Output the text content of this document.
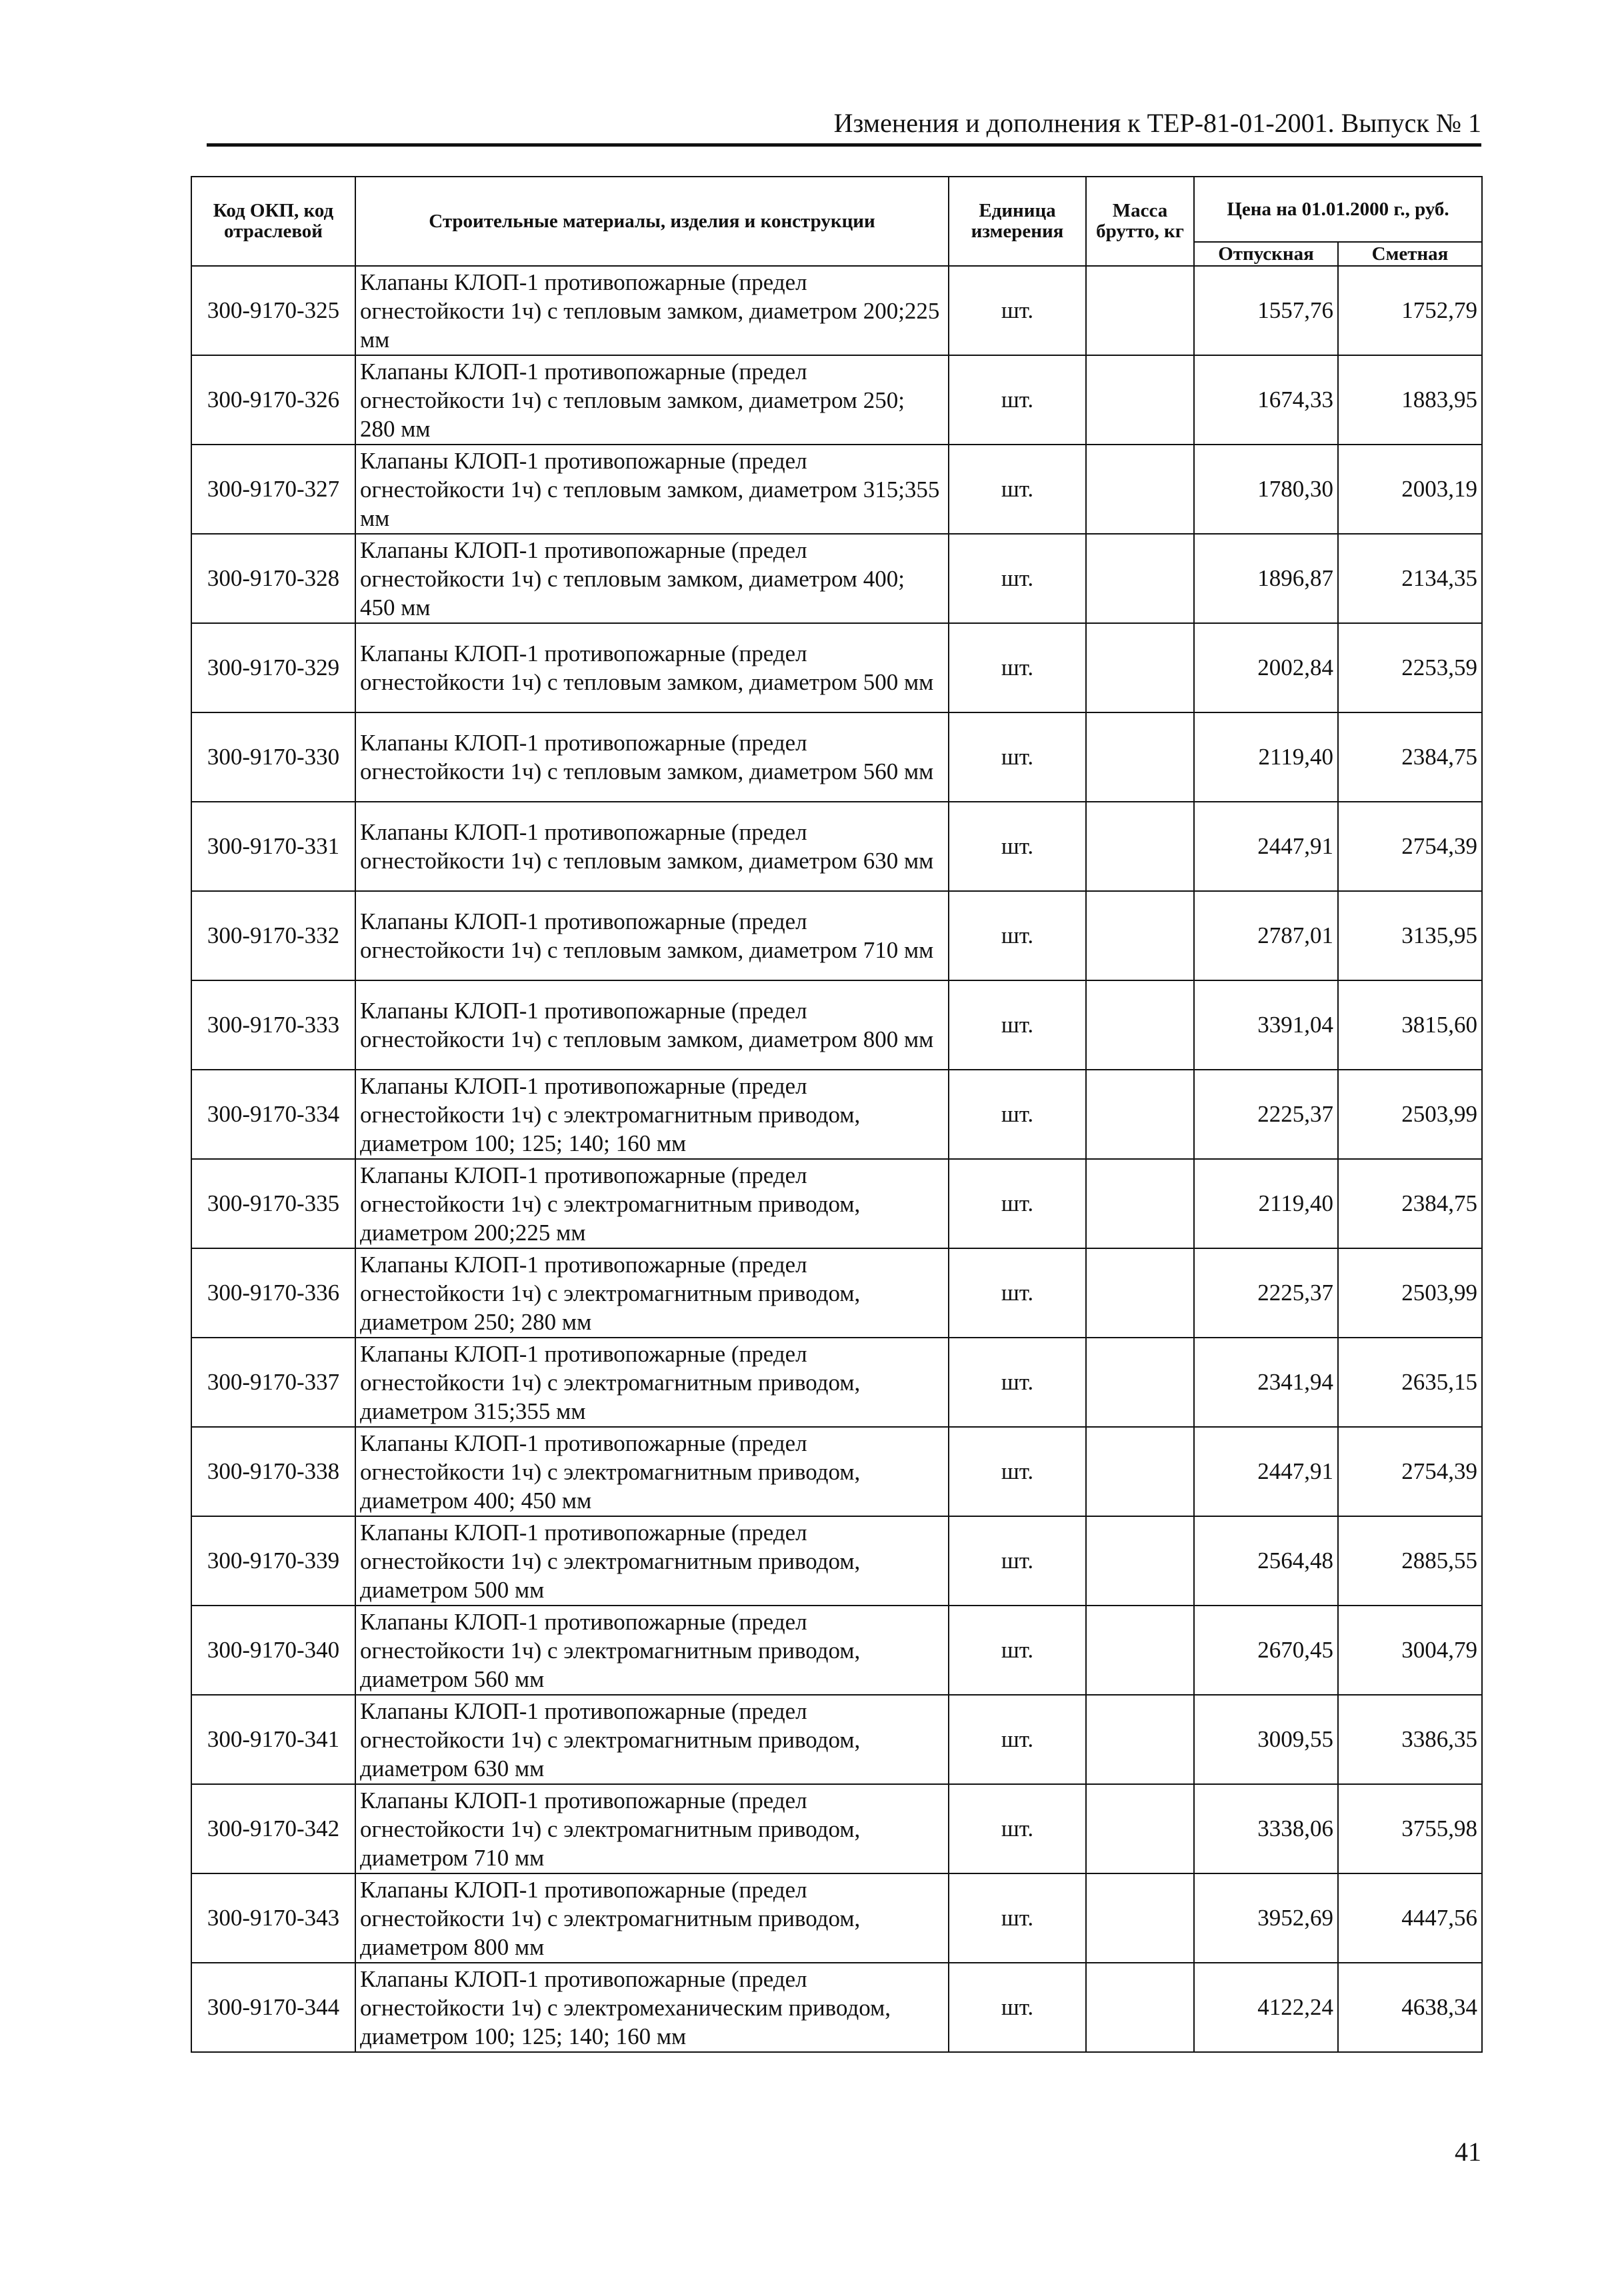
Изменения и дополнения к ТЕР-81-01-2001. Выпуск № 1
Код ОКП, код отраслевой	Строительные материалы, изделия и конструкции	Единица измерения	Масса брутто, кг	Цена на 01.01.2000 г., руб.	
				Отпускная	Сметная
300-9170-325	Клапаны КЛОП-1 противопожарные (предел огнестойкости 1ч) с тепловым замком, диаметром 200;225 мм	шт.		1557,76	1752,79
300-9170-326	Клапаны КЛОП-1 противопожарные (предел огнестойкости 1ч) с тепловым замком, диаметром 250; 280 мм	шт.		1674,33	1883,95
300-9170-327	Клапаны КЛОП-1 противопожарные (предел огнестойкости 1ч) с тепловым замком, диаметром 315;355 мм	шт.		1780,30	2003,19
300-9170-328	Клапаны КЛОП-1 противопожарные (предел огнестойкости 1ч) с тепловым замком, диаметром 400; 450 мм	шт.		1896,87	2134,35
300-9170-329	Клапаны КЛОП-1 противопожарные (предел огнестойкости 1ч) с тепловым замком, диаметром 500 мм	шт.		2002,84	2253,59
300-9170-330	Клапаны КЛОП-1 противопожарные (предел огнестойкости 1ч) с тепловым замком, диаметром 560 мм	шт.		2119,40	2384,75
300-9170-331	Клапаны КЛОП-1 противопожарные (предел огнестойкости 1ч) с тепловым замком, диаметром 630 мм	шт.		2447,91	2754,39
300-9170-332	Клапаны КЛОП-1 противопожарные (предел огнестойкости 1ч) с тепловым замком, диаметром 710 мм	шт.		2787,01	3135,95
300-9170-333	Клапаны КЛОП-1 противопожарные (предел огнестойкости 1ч) с тепловым замком, диаметром 800 мм	шт.		3391,04	3815,60
300-9170-334	Клапаны КЛОП-1 противопожарные (предел огнестойкости 1ч) с электромагнитным приводом, диаметром 100; 125; 140; 160 мм	шт.		2225,37	2503,99
300-9170-335	Клапаны КЛОП-1 противопожарные (предел огнестойкости 1ч) с электромагнитным приводом, диаметром 200;225 мм	шт.		2119,40	2384,75
300-9170-336	Клапаны КЛОП-1 противопожарные (предел огнестойкости 1ч) с электромагнитным приводом, диаметром 250; 280 мм	шт.		2225,37	2503,99
300-9170-337	Клапаны КЛОП-1 противопожарные (предел огнестойкости 1ч) с электромагнитным приводом, диаметром 315;355 мм	шт.		2341,94	2635,15
300-9170-338	Клапаны КЛОП-1 противопожарные (предел огнестойкости 1ч) с электромагнитным приводом, диаметром 400; 450 мм	шт.		2447,91	2754,39
300-9170-339	Клапаны КЛОП-1 противопожарные (предел огнестойкости 1ч) с электромагнитным приводом, диаметром 500 мм	шт.		2564,48	2885,55
300-9170-340	Клапаны КЛОП-1 противопожарные (предел огнестойкости 1ч) с электромагнитным приводом, диаметром 560 мм	шт.		2670,45	3004,79
300-9170-341	Клапаны КЛОП-1 противопожарные (предел огнестойкости 1ч) с электромагнитным приводом, диаметром 630 мм	шт.		3009,55	3386,35
300-9170-342	Клапаны КЛОП-1 противопожарные (предел огнестойкости 1ч) с электромагнитным приводом, диаметром 710 мм	шт.		3338,06	3755,98
300-9170-343	Клапаны КЛОП-1 противопожарные (предел огнестойкости 1ч) с электромагнитным приводом, диаметром 800 мм	шт.		3952,69	4447,56
300-9170-344	Клапаны КЛОП-1 противопожарные (предел огнестойкости 1ч) с электромеханическим приводом, диаметром 100; 125; 140; 160 мм	шт.		4122,24	4638,34
41
